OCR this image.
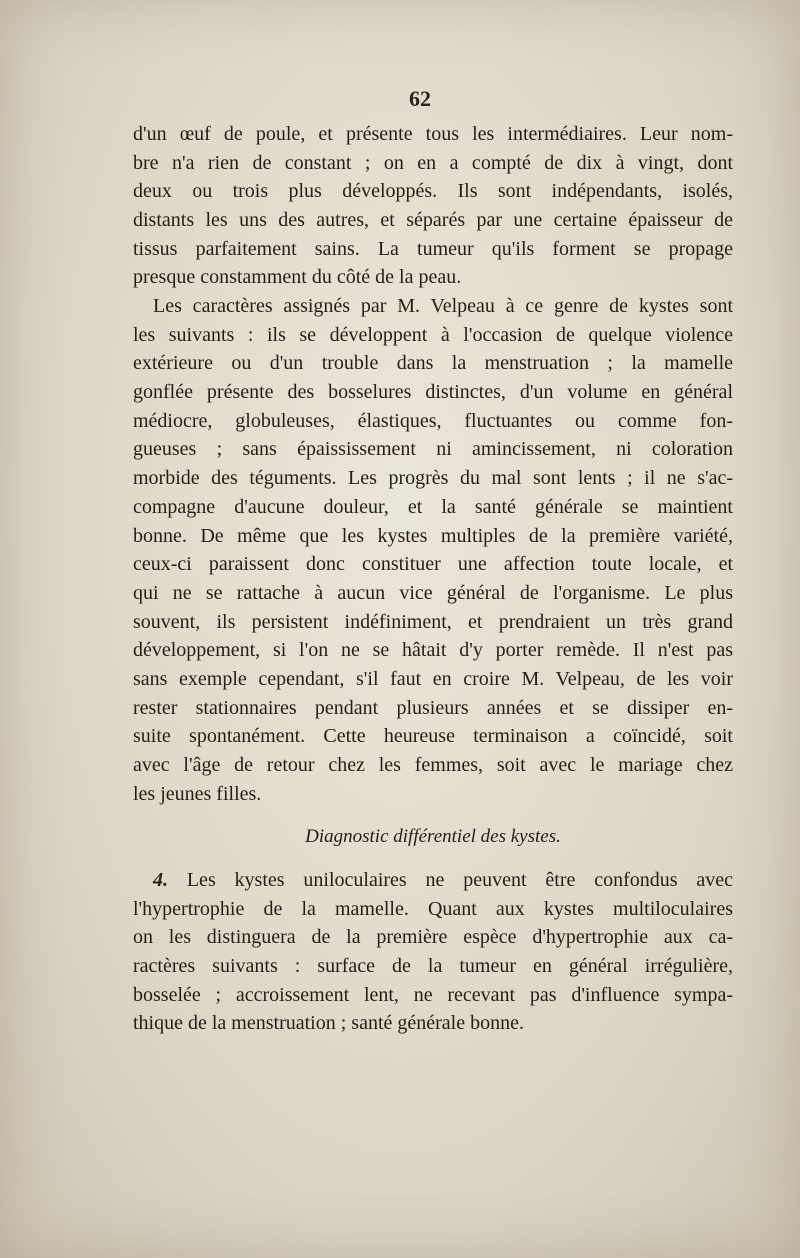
62
d'un œuf de poule, et présente tous les intermédiaires. Leur nom-
bre n'a rien de constant ; on en a compté de dix à vingt, dont
deux ou trois plus développés. Ils sont indépendants, isolés,
distants les uns des autres, et séparés par une certaine épaisseur de
tissus parfaitement sains. La tumeur qu'ils forment se propage
presque constamment du côté de la peau.
Les caractères assignés par M. Velpeau à ce genre de kystes sont
les suivants : ils se développent à l'occasion de quelque violence
extérieure ou d'un trouble dans la menstruation ; la mamelle
gonflée présente des bosselures distinctes, d'un volume en général
médiocre, globuleuses, élastiques, fluctuantes ou comme fon-
gueuses ; sans épaississement ni amincissement, ni coloration
morbide des téguments. Les progrès du mal sont lents ; il ne s'ac-
compagne d'aucune douleur, et la santé générale se maintient
bonne. De même que les kystes multiples de la première variété,
ceux-ci paraissent donc constituer une affection toute locale, et
qui ne se rattache à aucun vice général de l'organisme. Le plus
souvent, ils persistent indéfiniment, et prendraient un très grand
développement, si l'on ne se hâtait d'y porter remède. Il n'est pas
sans exemple cependant, s'il faut en croire M. Velpeau, de les voir
rester stationnaires pendant plusieurs années et se dissiper en-
suite spontanément. Cette heureuse terminaison a coïncidé, soit
avec l'âge de retour chez les femmes, soit avec le mariage chez
les jeunes filles.
Diagnostic différentiel des kystes.
4. Les kystes uniloculaires ne peuvent être confondus avec
l'hypertrophie de la mamelle. Quant aux kystes multiloculaires
on les distinguera de la première espèce d'hypertrophie aux ca-
ractères suivants : surface de la tumeur en général irrégulière,
bosselée ; accroissement lent, ne recevant pas d'influence sympa-
thique de la menstruation ; santé générale bonne.
